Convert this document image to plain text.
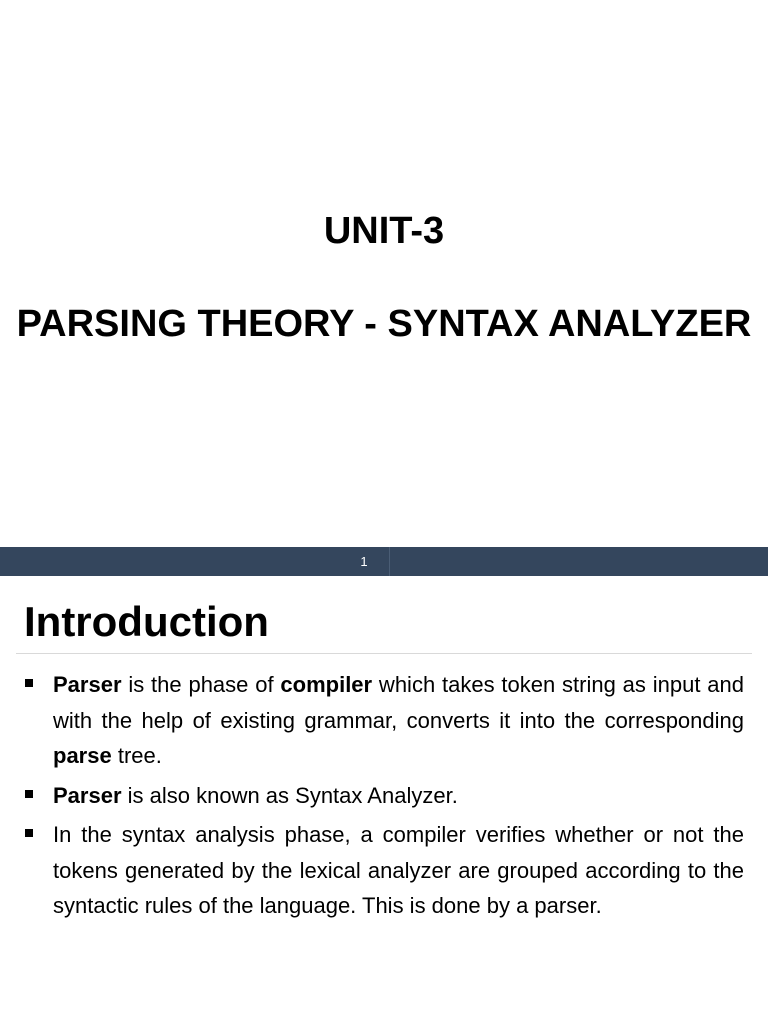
UNIT-3
PARSING THEORY - SYNTAX ANALYZER
1
Introduction
Parser is the phase of compiler which takes token string as input and with the help of existing grammar, converts it into the corresponding parse tree.
Parser is also known as Syntax Analyzer.
In the syntax analysis phase, a compiler verifies whether or not the tokens generated by the lexical analyzer are grouped according to the syntactic rules of the language. This is done by a parser.
